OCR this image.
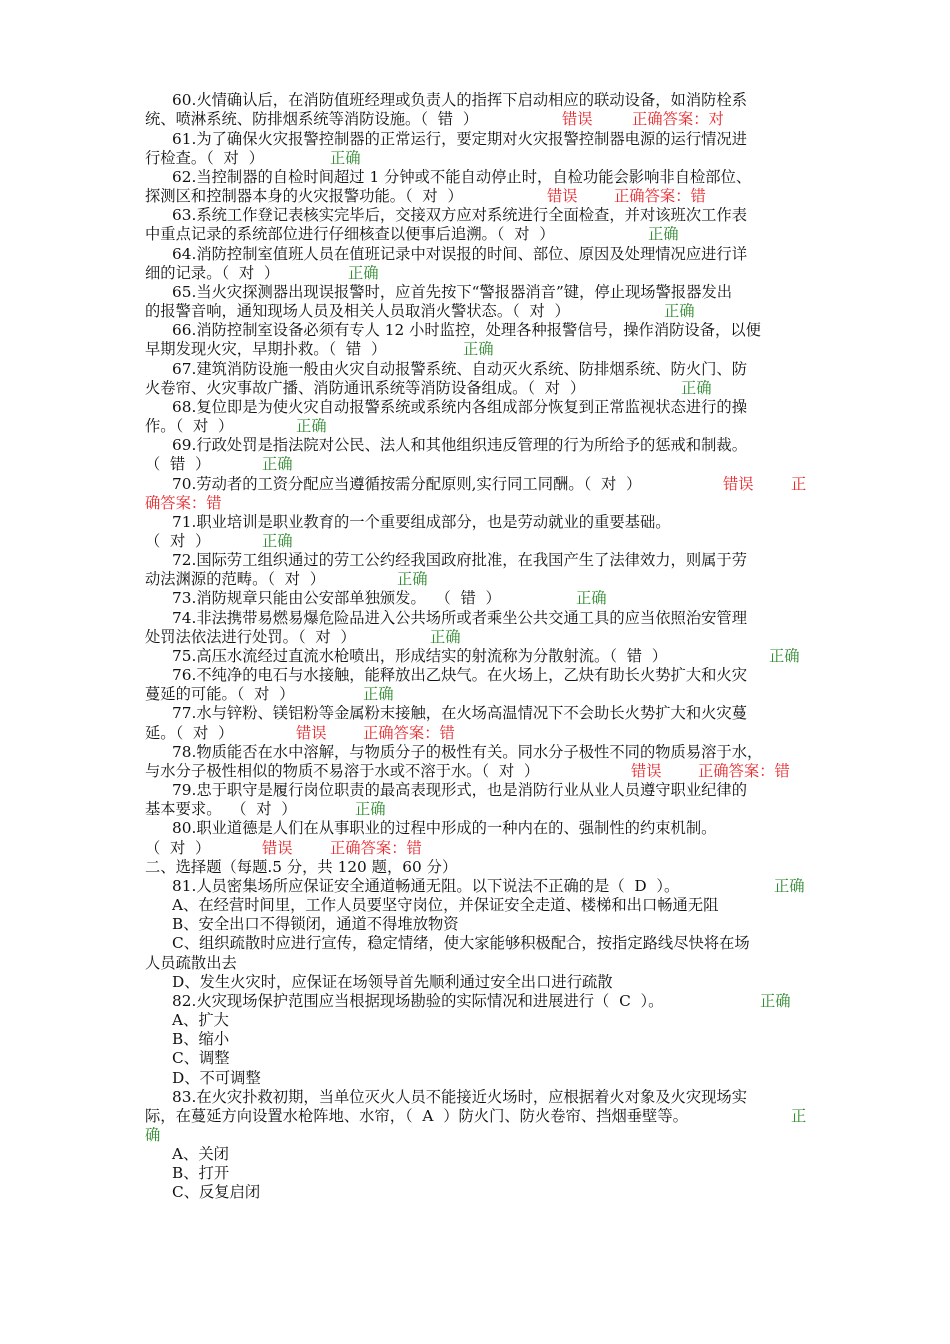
60.火情确认后，在消防值班经理或负责人的指挥下启动相应的联动设备，如消防栓系
统、喷淋系统、防排烟系统等消防设施。（  错  ）	错误	正确答案：对
61.为了确保火灾报警控制器的正常运行，要定期对火灾报警控制器电源的运行情况进
行检查。（  对  ）	正确
62.当控制器的自检时间超过 1 分钟或不能自动停止时，自检功能会影响非自检部位、
探测区和控制器本身的火灾报警功能。（  对  ）	错误 正确答案：错
63.系统工作登记表核实完毕后，交接双方应对系统进行全面检查，并对该班次工作表
中重点记录的系统部位进行仔细核查以便事后追溯。（  对  ）	正确
64.消防控制室值班人员在值班记录中对误报的时间、部位、原因及处理情况应进行详
细的记录。（  对  ）	正确
65.当火灾探测器出现误报警时，应首先按下“警报器消音”键，停止现场警报器发出
的报警音响，通知现场人员及相关人员取消火警状态。（  对  ）	正确
66.消防控制室设备必须有专人 12 小时监控，处理各种报警信号，操作消防设备，以便
早期发现火灾，早期扑救。（  错  ）	正确
67.建筑消防设施一般由火灾自动报警系统、自动灭火系统、防排烟系统、防火门、防
火卷帘、火灾事故广播、消防通讯系统等消防设备组成。（  对  ）	正确
68.复位即是为使火灾自动报警系统或系统内各组成部分恢复到正常监视状态进行的操
作。（  对  ）	正确
69.行政处罚是指法院对公民、法人和其他组织违反管理的行为所给予的惩戒和制裁。
（  错  ）	正确
70.劳动者的工资分配应当遵循按需分配原则,实行同工同酬。（  对  ）	错误 正
确答案：错
71.职业培训是职业教育的一个重要组成部分，也是劳动就业的重要基础。
（  对  ）	正确
72.国际劳工组织通过的劳工公约经我国政府批准，在我国产生了法律效力，则属于劳
动法渊源的范畴。（  对  ）	正确
73.消防规章只能由公安部单独颁发。  （  错  ）	正确
74.非法携带易燃易爆危险品进入公共场所或者乘坐公共交通工具的应当依照治安管理
处罚法依法进行处罚。（  对  ）	正确
75.高压水流经过直流水枪喷出，形成结实的射流称为分散射流。（  错  ）	正确
76.不纯净的电石与水接触，能释放出乙炔气。在火场上，乙炔有助长火势扩大和火灾
蔓延的可能。（  对  ）	正确
77.水与锌粉、镁铝粉等金属粉末接触，在火场高温情况下不会助长火势扩大和火灾蔓
延。（  对  ）	错误 正确答案：错
78.物质能否在水中溶解，与物质分子的极性有关。同水分子极性不同的物质易溶于水，
与水分子极性相似的物质不易溶于水或不溶于水。（  对  ）	错误 正确答案：错
79.忠于职守是履行岗位职责的最高表现形式，也是消防行业从业人员遵守职业纪律的
基本要求。  （  对  ）	正确
80.职业道德是人们在从事职业的过程中形成的一种内在的、强制性的约束机制。
（  对  ）	错误 正确答案：错
二、选择题（每题.5 分，共 120 题，60 分）
81.人员密集场所应保证安全通道畅通无阻。以下说法不正确的是（  D  ）。	正确
A、在经营时间里，工作人员要坚守岗位，并保证安全走道、楼梯和出口畅通无阻
B、安全出口不得锁闭，通道不得堆放物资
C、组织疏散时应进行宣传，稳定情绪，使大家能够积极配合，按指定路线尽快将在场
人员疏散出去
D、发生火灾时，应保证在场领导首先顺利通过安全出口进行疏散
82.火灾现场保护范围应当根据现场勘验的实际情况和进展进行（  C  ）。	正确
A、扩大
B、缩小
C、调整
D、不可调整
83.在火灾扑救初期，当单位灭火人员不能接近火场时，应根据着火对象及火灾现场实
际，在蔓延方向设置水枪阵地、水帘，（  A  ）防火门、防火卷帘、挡烟垂壁等。	正
确
A、关闭
B、打开
C、反复启闭
